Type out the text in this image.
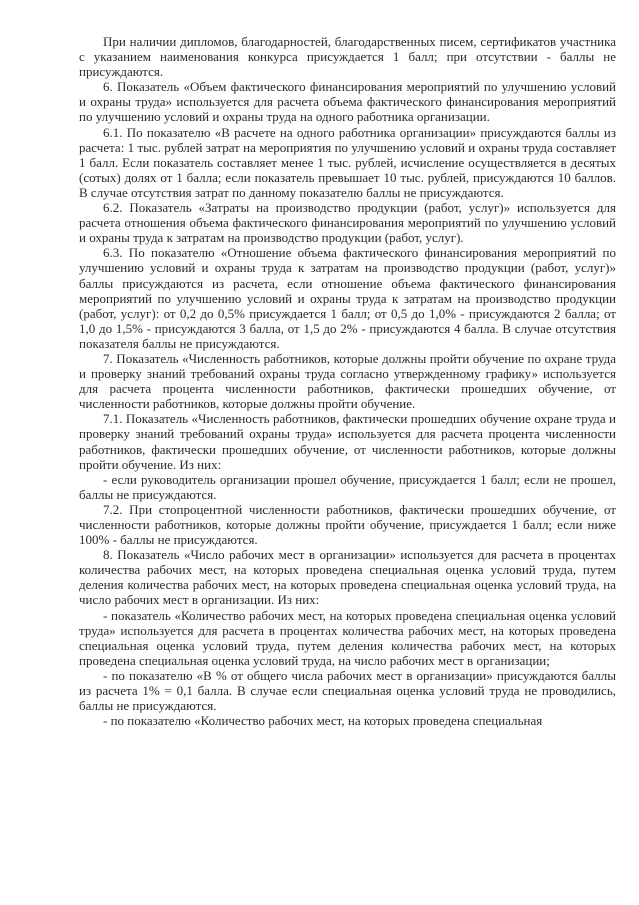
При наличии дипломов, благодарностей, благодарственных писем, сертификатов участника с указанием наименования конкурса присуждается 1 балл; при отсутствии - баллы не присуждаются.

6. Показатель «Объем фактического финансирования мероприятий по улучшению условий и охраны труда» используется для расчета объема фактического финансирования мероприятий по улучшению условий и охраны труда на одного работника организации.

6.1. По показателю «В расчете на одного работника организации» присуждаются баллы из расчета: 1 тыс. рублей затрат на мероприятия по улучшению условий и охраны труда составляет 1 балл. Если показатель составляет менее 1 тыс. рублей, исчисление осуществляется в десятых (сотых) долях от 1 балла; если показатель превышает 10 тыс. рублей, присуждаются 10 баллов. В случае отсутствия затрат по данному показателю баллы не присуждаются.

6.2. Показатель «Затраты на производство продукции (работ, услуг)» используется для расчета отношения объема фактического финансирования мероприятий по улучшению условий и охраны труда к затратам на производство продукции (работ, услуг).

6.3. По показателю «Отношение объема фактического финансирования мероприятий по улучшению условий и охраны труда к затратам на производство продукции (работ, услуг)» баллы присуждаются из расчета, если отношение объема фактического финансирования мероприятий по улучшению условий и охраны труда к затратам на производство продукции (работ, услуг): от 0,2 до 0,5% присуждается 1 балл; от 0,5 до 1,0% - присуждаются 2 балла; от 1,0 до 1,5% - присуждаются 3 балла, от 1,5 до 2% - присуждаются 4 балла. В случае отсутствия показателя баллы не присуждаются.

7. Показатель «Численность работников, которые должны пройти обучение по охране труда и проверку знаний требований охраны труда согласно утвержденному графику» используется для расчета процента численности работников, фактически прошедших обучение, от численности работников, которые должны пройти обучение.

7.1. Показатель «Численность работников, фактически прошедших обучение охране труда и проверку знаний требований охраны труда» используется для расчета процента численности работников, фактически прошедших обучение, от численности работников, которые должны пройти обучение. Из них:

- если руководитель организации прошел обучение, присуждается 1 балл; если не прошел, баллы не присуждаются.

7.2. При стопроцентной численности работников, фактически прошедших обучение, от численности работников, которые должны пройти обучение, присуждается 1 балл; если ниже 100% - баллы не присуждаются.

8. Показатель «Число рабочих мест в организации» используется для расчета в процентах количества рабочих мест, на которых проведена специальная оценка условий труда, путем деления количества рабочих мест, на которых проведена специальная оценка условий труда, на число рабочих мест в организации. Из них:

- показатель «Количество рабочих мест, на которых проведена специальная оценка условий труда» используется для расчета в процентах количества рабочих мест, на которых проведена специальная оценка условий труда, путем деления количества рабочих мест, на которых проведена специальная оценка условий труда, на число рабочих мест в организации;

- по показателю «В % от общего числа рабочих мест в организации» присуждаются баллы из расчета 1% = 0,1 балла. В случае если специальная оценка условий труда не проводились, баллы не присуждаются.

- по показателю «Количество рабочих мест, на которых проведена специальная
